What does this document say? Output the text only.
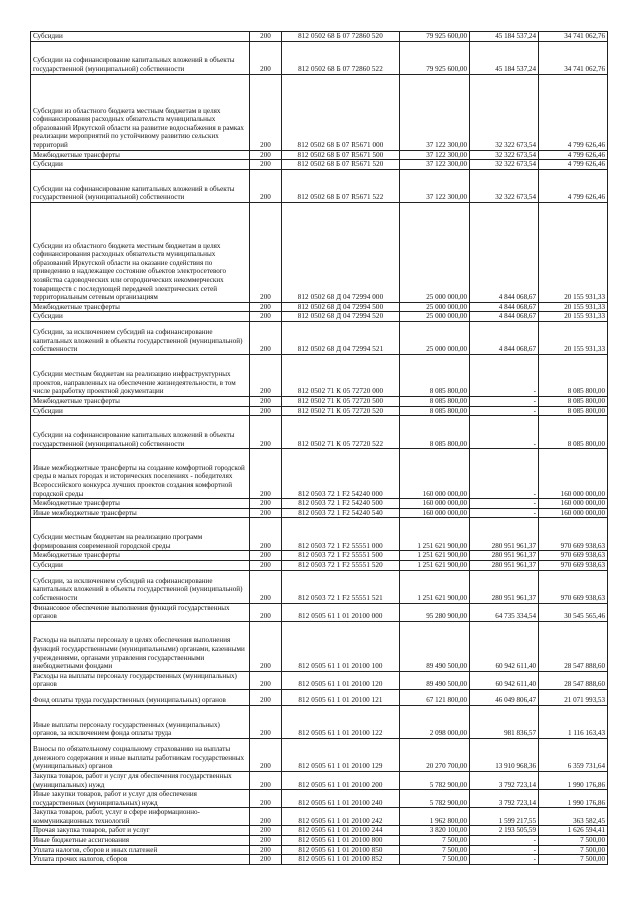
Субсидии	200	812 0502 68 Б 07 72860 520	79 925 600,00	45 184 537,24	34 741 062,76
Субсидии на софинансирование капитальных вложений в объекты государственной (муниципальной) собственности	200	812 0502 68 Б 07 72860 522	79 925 600,00	45 184 537,24	34 741 062,76
Субсидии из областного бюджета местным бюджетам в целях софинансирования расходных обязательств муниципальных образований Иркутской области на развитие водоснабжения в рамках реализации мероприятий по устойчивому развитию сельских территорий	200	812 0502 68 Б 07 R5671 000	37 122 300,00	32 322 673,54	4 799 626,46
Межбюджетные трансферты	200	812 0502 68 Б 07 R5671 500	37 122 300,00	32 322 673,54	4 799 626,46
Субсидии	200	812 0502 68 Б 07 R5671 520	37 122 300,00	32 322 673,54	4 799 626,46
Субсидии на софинансирование капитальных вложений в объекты государственной (муниципальной) собственности	200	812 0502 68 Б 07 R5671 522	37 122 300,00	32 322 673,54	4 799 626,46
Субсидии из областного бюджета местным бюджетам в целях софинансирования расходных обязательств муниципальных образований Иркутской области на оказание содействия по приведению в надлежащее состояние объектов электросетевого хозяйства садоводческих или огороднических некоммерческих товариществ с последующей передачей электрических сетей территориальным сетевым организациям	200	812 0502 68 Д 04 72994 000	25 000 000,00	4 844 068,67	20 155 931,33
Межбюджетные трансферты	200	812 0502 68 Д 04 72994 500	25 000 000,00	4 844 068,67	20 155 931,33
Субсидии	200	812 0502 68 Д 04 72994 520	25 000 000,00	4 844 068,67	20 155 931,33
Субсидии, за исключением субсидий на софинансирование капитальных вложений в объекты государственной (муниципальной) собственности	200	812 0502 68 Д 04 72994 521	25 000 000,00	4 844 068,67	20 155 931,33
Субсидии местным бюджетам на реализацию инфраструктурных проектов, направленных на обеспечение жизнедеятельности, в том числе разработку проектной документации	200	812 0502 71 К 05 72720 000	8 085 800,00	-	8 085 800,00
Межбюджетные трансферты	200	812 0502 71 К 05 72720 500	8 085 800,00	-	8 085 800,00
Субсидии	200	812 0502 71 К 05 72720 520	8 085 800,00	-	8 085 800,00
Субсидии на софинансирование капитальных вложений в объекты государственной (муниципальной) собственности	200	812 0502 71 К 05 72720 522	8 085 800,00	-	8 085 800,00
Иные межбюджетные трансферты на создание комфортной городской среды в малых городах и исторических поселениях - победителях Всероссийского конкурса лучших проектов создания комфортной городской среды	200	812 0503 72 1 F2 54240 000	160 000 000,00	-	160 000 000,00
Межбюджетные трансферты	200	812 0503 72 1 F2 54240 500	160 000 000,00	-	160 000 000,00
Иные межбюджетные трансферты	200	812 0503 72 1 F2 54240 540	160 000 000,00	-	160 000 000,00
Субсидии местным бюджетам на реализацию программ формирования современной городской среды	200	812 0503 72 1 F2 55551 000	1 251 621 900,00	280 951 961,37	970 669 938,63
Межбюджетные трансферты	200	812 0503 72 1 F2 55551 500	1 251 621 900,00	280 951 961,37	970 669 938,63
Субсидии	200	812 0503 72 1 F2 55551 520	1 251 621 900,00	280 951 961,37	970 669 938,63
Субсидии, за исключением субсидий на софинансирование капитальных вложений в объекты государственной (муниципальной) собственности	200	812 0503 72 1 F2 55551 521	1 251 621 900,00	280 951 961,37	970 669 938,63
Финансовое обеспечение выполнения функций государственных органов	200	812 0505 61 1 01 20100 000	95 280 900,00	64 735 334,54	30 545 565,46
Расходы на выплаты персоналу в целях обеспечения выполнения функций государственными (муниципальными) органами, казенными учреждениями, органами управления государственными внебюджетными фондами	200	812 0505 61 1 01 20100 100	89 490 500,00	60 942 611,40	28 547 888,60
Расходы на выплаты персоналу государственных (муниципальных) органов	200	812 0505 61 1 01 20100 120	89 490 500,00	60 942 611,40	28 547 888,60
Фонд оплаты труда государственных (муниципальных) органов	200	812 0505 61 1 01 20100 121	67 121 800,00	46 049 806,47	21 071 993,53
Иные выплаты персоналу государственных (муниципальных) органов, за исключением фонда оплаты труда	200	812 0505 61 1 01 20100 122	2 098 000,00	981 836,57	1 116 163,43
Взносы по обязательному социальному страхованию на выплаты денежного содержания и иные выплаты работникам государственных (муниципальных) органов	200	812 0505 61 1 01 20100 129	20 270 700,00	13 910 968,36	6 359 731,64
Закупка товаров, работ и услуг для обеспечения государственных (муниципальных) нужд	200	812 0505 61 1 01 20100 200	5 782 900,00	3 792 723,14	1 990 176,86
Иные закупки товаров, работ и услуг для обеспечения государственных (муниципальных) нужд	200	812 0505 61 1 01 20100 240	5 782 900,00	3 792 723,14	1 990 176,86
Закупка товаров, работ, услуг в сфере информационно-коммуникационных технологий	200	812 0505 61 1 01 20100 242	1 962 800,00	1 599 217,55	363 582,45
Прочая закупка товаров, работ и услуг	200	812 0505 61 1 01 20100 244	3 820 100,00	2 193 505,59	1 626 594,41
Иные бюджетные ассигнования	200	812 0505 61 1 01 20100 800	7 500,00	-	7 500,00
Уплата налогов, сборов и иных платежей	200	812 0505 61 1 01 20100 850	7 500,00	-	7 500,00
Уплата прочих налогов, сборов	200	812 0505 61 1 01 20100 852	7 500,00	-	7 500,00
